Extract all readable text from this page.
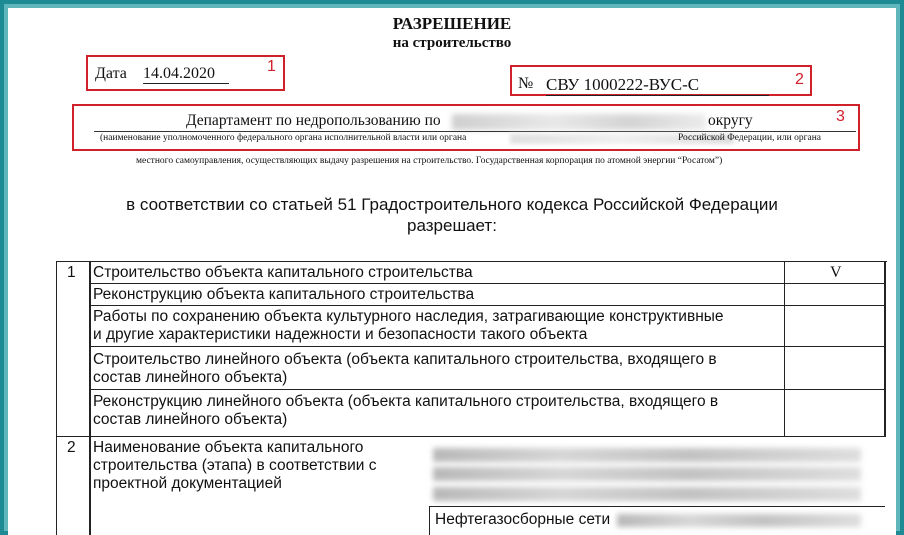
РАЗРЕШЕНИЕ
на строительство
1
Дата 14.04.2020	2
№ СВУ 1000222-ВУС-С
3
Департамент по недропользованию по	округу
(наименование уполномоченного федерального органа исполнительной власти или органа	Российской Федерации, или органа
местного самоуправления, осуществляющих выдачу разрешения на строительство. Государственная корпорация по атомной энергии “Росатом”)
в соответствии со статьей 51 Градостроительного кодекса Российской Федерации
разрешает:
1 Строительство объекта капитального строительства	V
Реконструкцию объекта капитального строительства
Работы по сохранению объекта культурного наследия, затрагивающие конструктивные
и другие характеристики надежности и безопасности такого объекта
Строительство линейного объекта (объекта капитального строительства, входящего в
состав линейного объекта)
Реконструкцию линейного объекта (объекта капитального строительства, входящего в
состав линейного объекта)
2 Наименование объекта капитального
строительства (этапа) в соответствии с
проектной документацией
Нефтегазосборные сети
